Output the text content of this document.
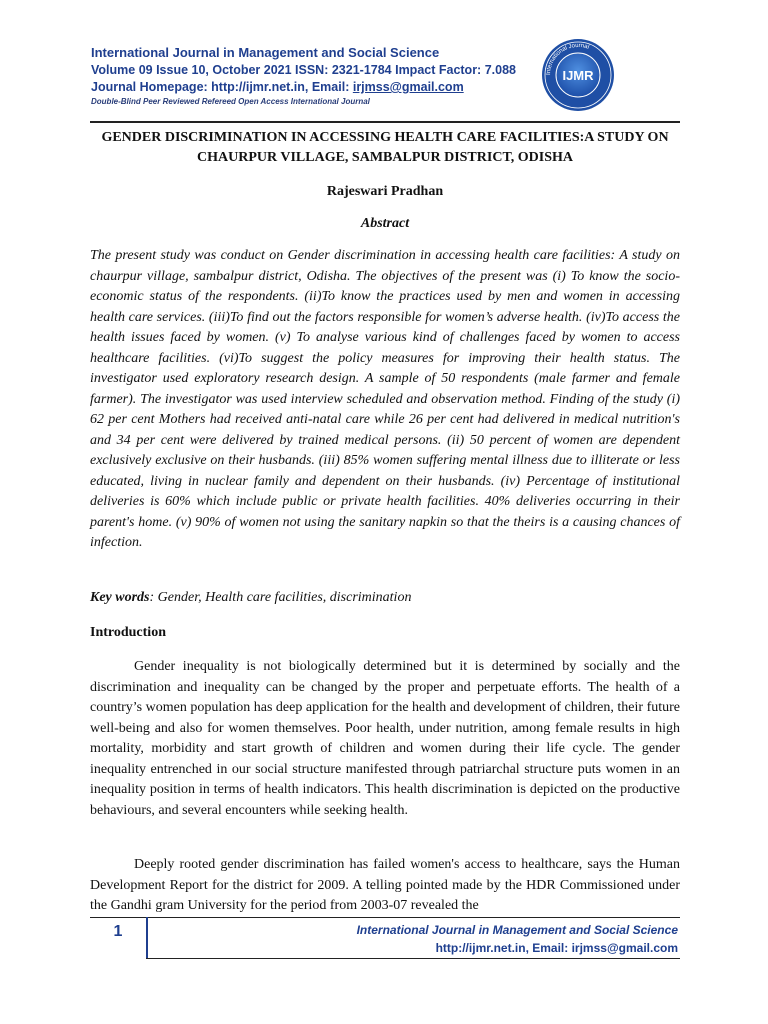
International Journal in Management and Social Science
Volume 09 Issue 10, October 2021 ISSN: 2321-1784 Impact Factor: 7.088
Journal Homepage: http://ijmr.net.in, Email: irjmss@gmail.com
Double-Blind Peer Reviewed Refereed Open Access International Journal
International Journal
IJMR
GENDER DISCRIMINATION IN ACCESSING HEALTH CARE FACILITIES:A STUDY ON CHAURPUR VILLAGE, SAMBALPUR DISTRICT, ODISHA
Rajeswari Pradhan
Abstract

The present study was conduct on Gender discrimination in accessing health care facilities: A study on chaurpur village, sambalpur district, Odisha. The objectives of the present was (i) To know the socio-economic status of the respondents. (ii)To know the practices used by men and women in accessing health care services. (iii)To find out the factors responsible for women’s adverse health. (iv)To access the health issues faced by women. (v) To analyse various kind of challenges faced by women to access healthcare facilities. (vi)To suggest the policy measures for improving their health status. The investigator used exploratory research design. A sample of 50 respondents (male farmer and female farmer). The investigator was used interview scheduled and observation method. Finding of the study (i) 62 per cent Mothers had received anti-natal care while 26 per cent had delivered in medical nutrition's and 34 per cent were delivered by trained medical persons. (ii) 50 percent of women are dependent exclusively exclusive on their husbands. (iii) 85% women suffering mental illness due to illiterate or less educated, living in nuclear family and dependent on their husbands. (iv) Percentage of institutional deliveries is 60% which include public or private health facilities. 40% deliveries occurring in their parent's home. (v) 90% of women not using the sanitary napkin so that the theirs is a causing chances of infection.

Key words: Gender, Health care facilities, discrimination
Introduction

Gender inequality is not biologically determined but it is determined by socially and the discrimination and inequality can be changed by the proper and perpetuate efforts. The health of a country’s women population has deep application for the health and development of children, their future well-being and also for women themselves. Poor health, under nutrition, among female results in high mortality, morbidity and start growth of children and women during their life cycle. The gender inequality entrenched in our social structure manifested through patriarchal structure puts women in an inequality position in terms of health indicators. This health discrimination is depicted on the productive behaviours, and several encounters while seeking health.

Deeply rooted gender discrimination has failed women's access to healthcare, says the Human Development Report for the district for 2009. A telling pointed made by the HDR Commissioned under the Gandhi gram University for the period from 2003-07 revealed the

1	International Journal in Management and Social Science
http://ijmr.net.in, Email: irjmss@gmail.com
